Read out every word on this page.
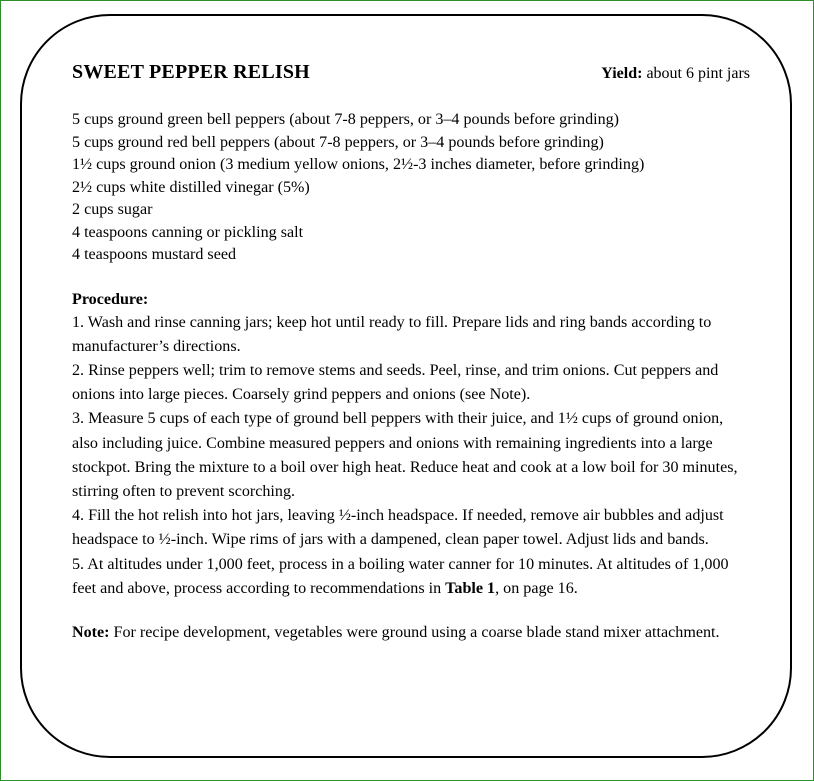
SWEET PEPPER RELISH	Yield: about 6 pint jars
5 cups ground green bell peppers (about 7-8 peppers, or 3–4 pounds before grinding)
5 cups ground red bell peppers (about 7-8 peppers, or 3–4 pounds before grinding)
1½ cups ground onion (3 medium yellow onions, 2½-3 inches diameter, before grinding)
2½ cups white distilled vinegar (5%)
2 cups sugar
4 teaspoons canning or pickling salt
4 teaspoons mustard seed
Procedure:
1. Wash and rinse canning jars; keep hot until ready to fill. Prepare lids and ring bands according to manufacturer’s directions.
2. Rinse peppers well; trim to remove stems and seeds. Peel, rinse, and trim onions. Cut peppers and onions into large pieces. Coarsely grind peppers and onions (see Note).
3. Measure 5 cups of each type of ground bell peppers with their juice, and 1½ cups of ground onion, also including juice. Combine measured peppers and onions with remaining ingredients into a large stockpot. Bring the mixture to a boil over high heat. Reduce heat and cook at a low boil for 30 minutes, stirring often to prevent scorching.
4. Fill the hot relish into hot jars, leaving ½-inch headspace. If needed, remove air bubbles and adjust headspace to ½-inch. Wipe rims of jars with a dampened, clean paper towel. Adjust lids and bands.
5. At altitudes under 1,000 feet, process in a boiling water canner for 10 minutes. At altitudes of 1,000 feet and above, process according to recommendations in Table 1, on page 16.
Note: For recipe development, vegetables were ground using a coarse blade stand mixer attachment.
